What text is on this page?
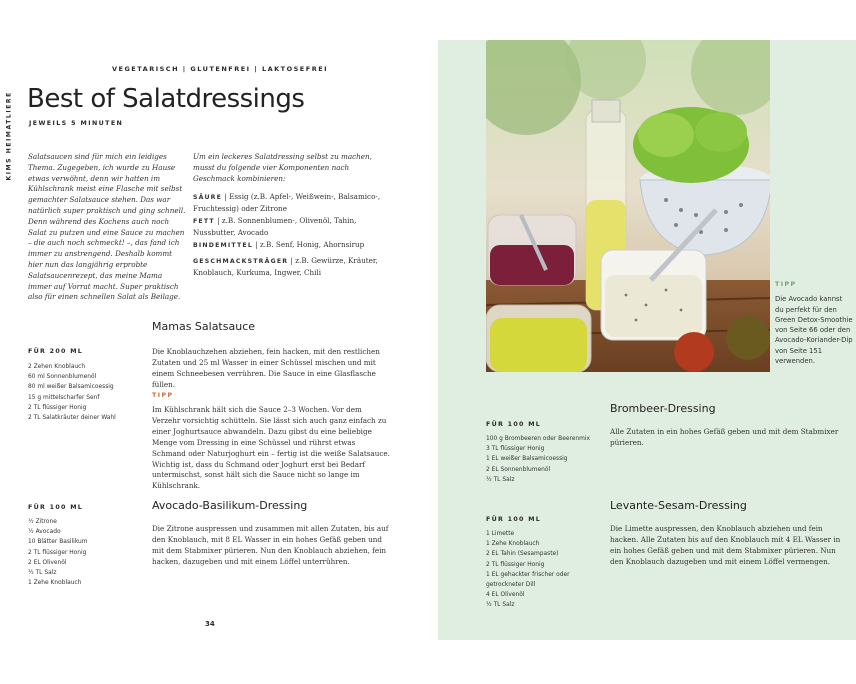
KIMS HEIMATLIERE
VEGETARISCH | GLUTENFREI | LAKTOSEFREI
Best of Salatdressings
JEWEILS 5 MINUTEN
Salatsaucen sind für mich ein leidiges Thema. Zugegeben, ich wurde zu Hause etwas verwöhnt, denn wir hatten im Kühlschrank meist eine Flasche mit selbst gemachter Salatsauce stehen. Das war natürlich super praktisch und ging schnell. Denn während des Kochens auch noch Salat zu putzen und eine Sauce zu machen – die auch noch schmeckt! –, das fand ich immer zu anstrengend. Deshalb kommt hier nun das langjährig erprobte Salatsaucenrezept, das meine Mama immer auf Vorrat macht. Super praktisch also für einen schnellen Salat als Beilage.
Um ein leckeres Salatdressing selbst zu machen, musst du folgende vier Komponenten nach Geschmack kombinieren:
SÄURE | Essig (z.B. Apfel-, Weißwein-, Balsamico-, Fruchtessig) oder Zitrone
FETT | z.B. Sonnenblumen-, Olivenöl, Tahin, Nussbutter, Avocado
BINDEMITTEL | z.B. Senf, Honig, Ahornsirup
GESCHMACKSTRÄGER | z.B. Gewürze, Kräuter, Knoblauch, Kurkuma, Ingwer, Chili
Mamas Salatsauce
FÜR 200 ML
2 Zehen Knoblauch
60 ml Sonnenblumenöl
80 ml weißer Balsamicoessig
15 g mittelscharfer Senf
2 TL flüssiger Honig
2 TL Salatkräuter deiner Wahl
Die Knoblauchzehen abziehen, fein hacken, mit den restlichen Zutaten und 25 ml Wasser in einer Schüssel mischen und mit einem Schneebesen verrühren. Die Sauce in eine Glasflasche füllen.
TIPP
Im Kühlschrank hält sich die Sauce 2–3 Wochen. Vor dem Verzehr vorsichtig schütteln. Sie lässt sich auch ganz einfach zu einer Joghurtsauce abwandeln. Dazu gibst du eine beliebige Menge vom Dressing in eine Schüssel und rührst etwas Schmand oder Naturjoghurt ein – fertig ist die weiße Salatsauce. Wichtig ist, dass du Schmand oder Joghurt erst bei Bedarf untermischst, sonst hält sich die Sauce nicht so lange im Kühlschrank.
Avocado-Basilikum-Dressing
FÜR 100 ML
½ Zitrone
½ Avocado
10 Blätter Basilikum
2 TL flüssiger Honig
2 EL Olivenöl
½ TL Salz
1 Zehe Knoblauch
Die Zitrone auspressen und zusammen mit allen Zutaten, bis auf den Knoblauch, mit 8 EL Wasser in ein hohes Gefäß geben und mit dem Stabmixer pürieren. Nun den Knoblauch abziehen, fein hacken, dazugeben und mit einem Löffel unterrühren.
34
TIPP
Die Avocado kannst du perfekt für den Green Detox-Smoothie von Seite 66 oder den Avocado-Koriander-Dip von Seite 151 verwenden.
Brombeer-Dressing
FÜR 100 ML
100 g Brombeeren oder Beerenmix
3 TL flüssiger Honig
1 EL weißer Balsamicoessig
2 EL Sonnenblumenöl
½ TL Salz
Alle Zutaten in ein hohes Gefäß geben und mit dem Stabmixer pürieren.
Levante-Sesam-Dressing
FÜR 100 ML
1 Limette
1 Zehe Knoblauch
2 EL Tahin (Sesampaste)
2 TL flüssiger Honig
1 EL gehackter frischer oder getrockneter Dill
4 EL Olivenöl
½ TL Salz
Die Limette auspressen, den Knoblauch abziehen und fein hacken. Alle Zutaten bis auf den Knoblauch mit 4 EL Wasser in ein hohes Gefäß geben und mit dem Stabmixer pürieren. Nun den Knoblauch dazugeben und mit einem Löffel vermengen.
